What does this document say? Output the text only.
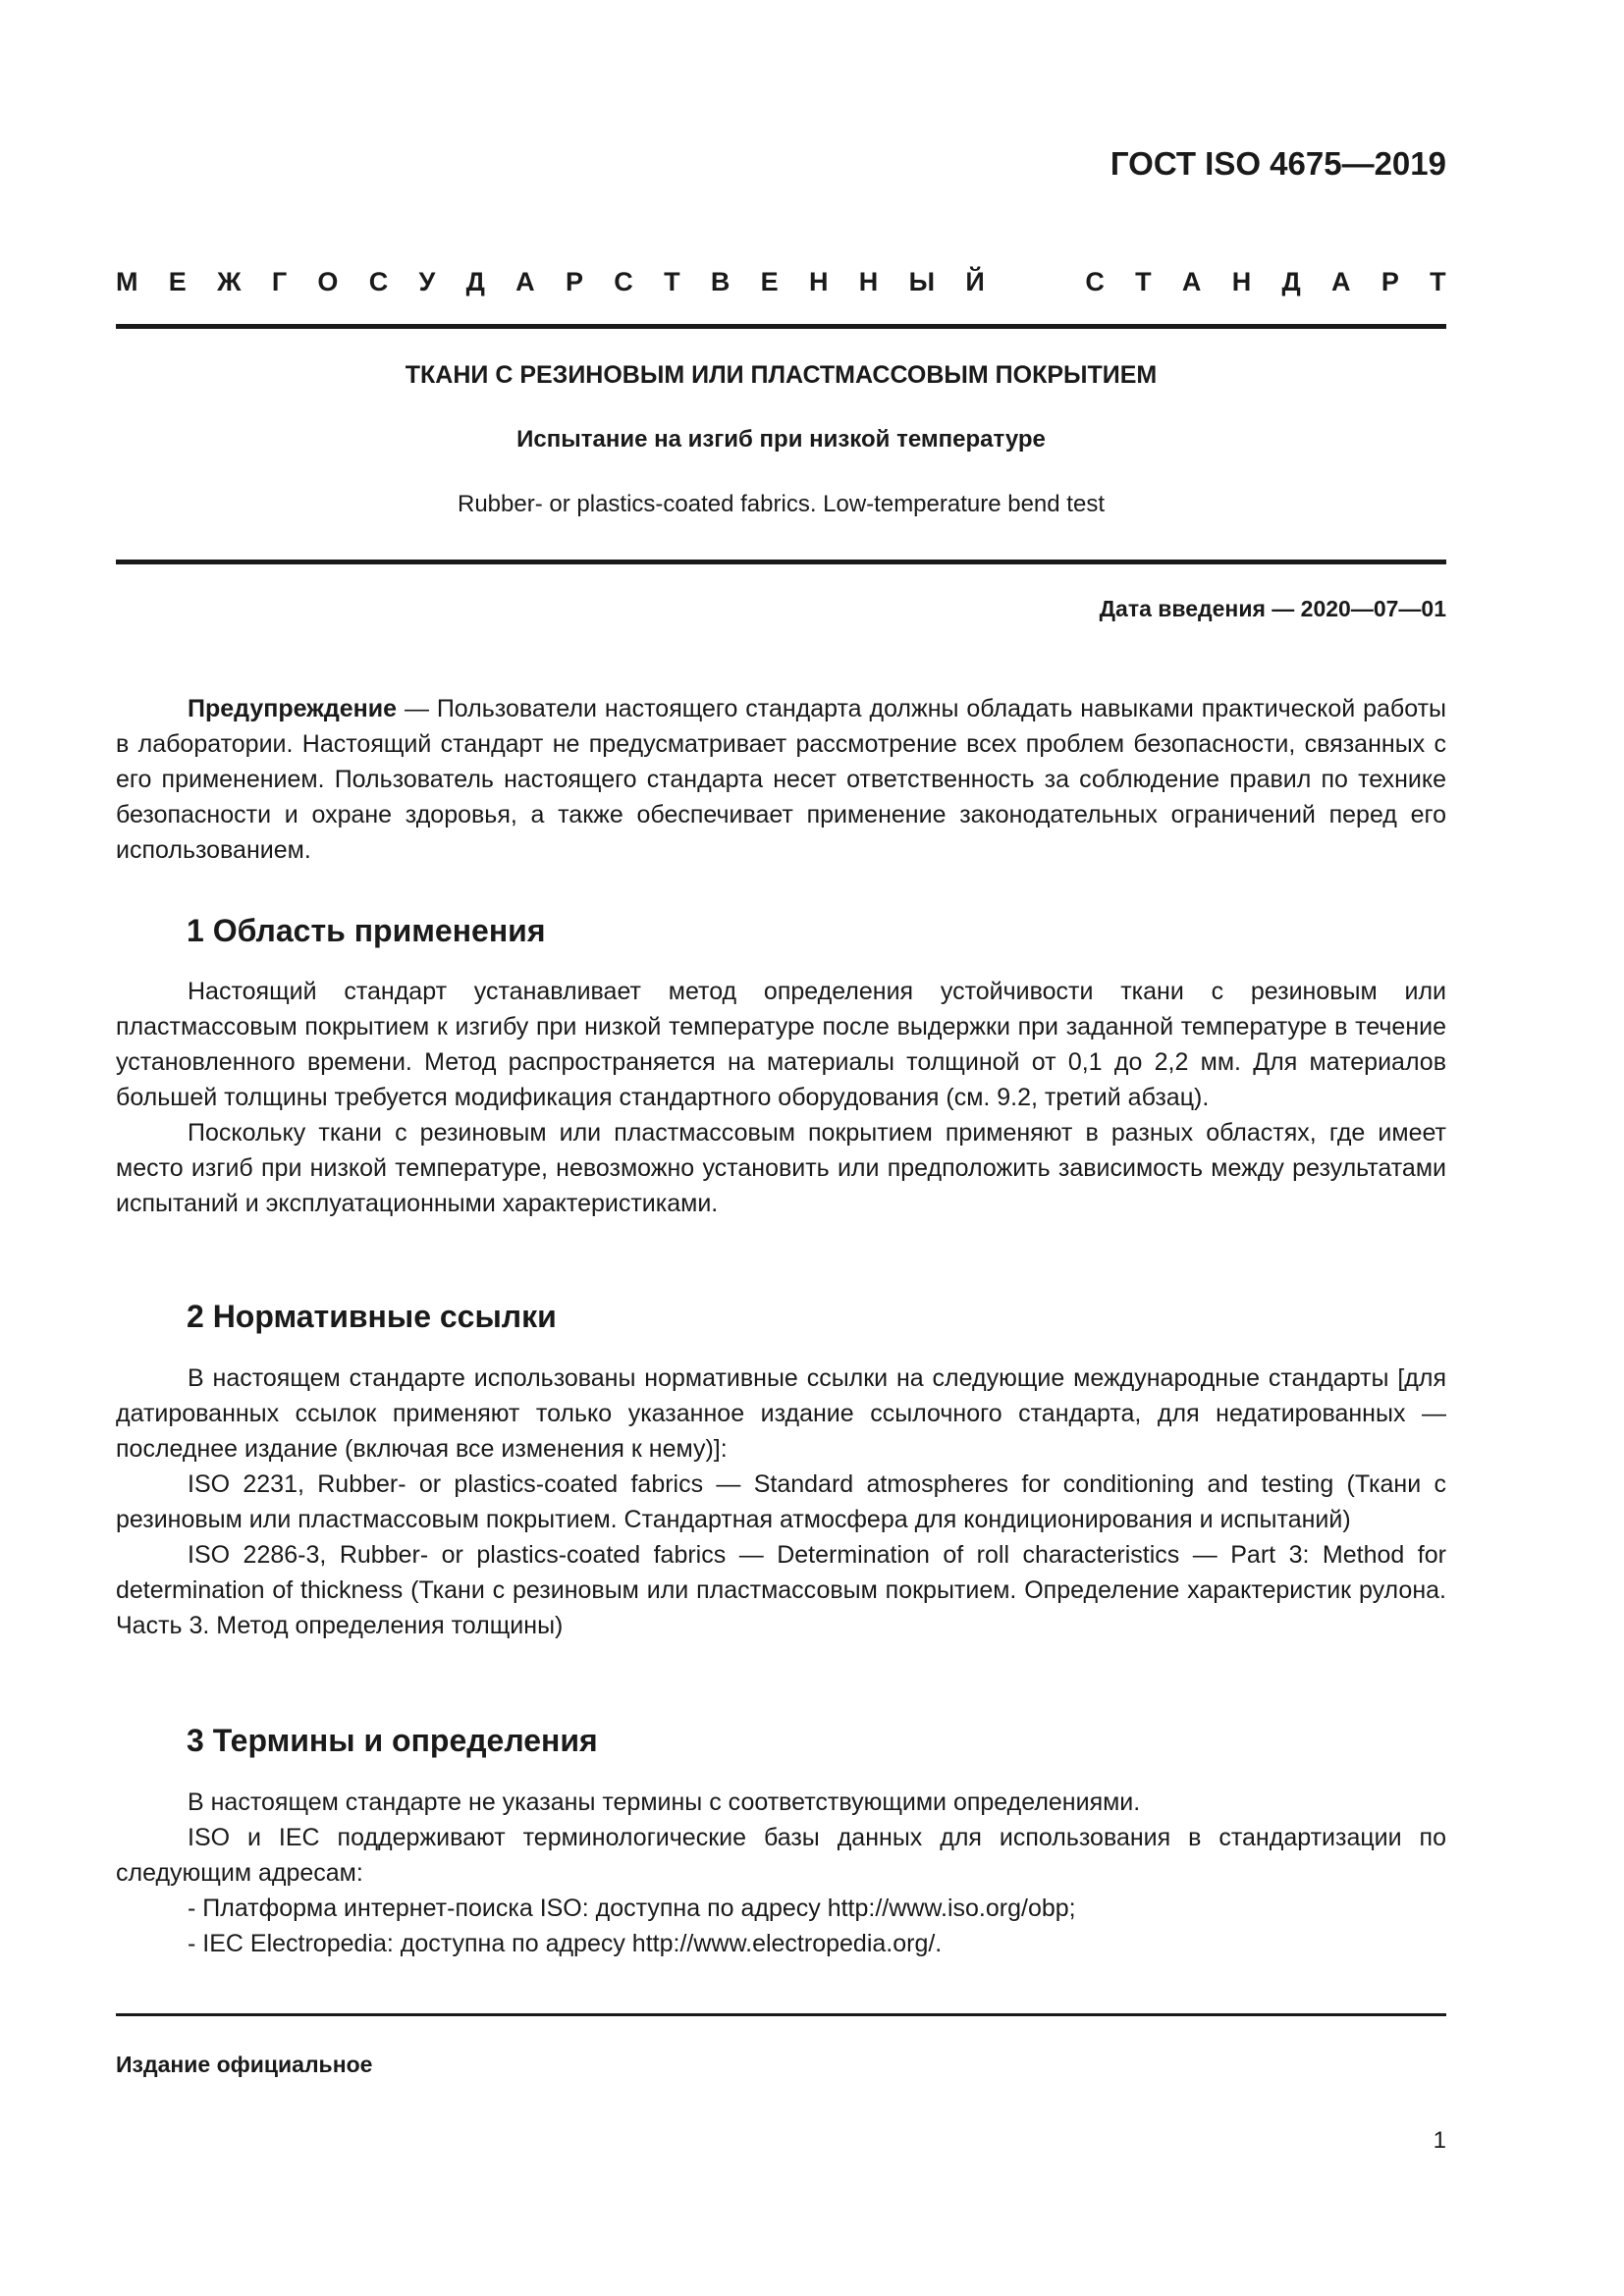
ГОСТ ISO 4675—2019
М Е Ж Г О С У Д А Р С Т В Е Н Н Ы Й	С Т А Н Д А Р Т
ТКАНИ С РЕЗИНОВЫМ ИЛИ ПЛАСТМАССОВЫМ ПОКРЫТИЕМ
Испытание на изгиб при низкой температуре
Rubber- or plastics-coated fabrics. Low-temperature bend test
Дата введения — 2020—07—01

Предупреждение — Пользователи настоящего стандарта должны обладать навыками практической работы в лаборатории. Настоящий стандарт не предусматривает рассмотрение всех проблем безопасности, связанных с его применением. Пользователь настоящего стандарта несет ответственность за соблюдение правил по технике безопасности и охране здоровья, а также обеспечивает применение законодательных ограничений перед его использованием.

1 Область применения

Настоящий стандарт устанавливает метод определения устойчивости ткани с резиновым или пластмассовым покрытием к изгибу при низкой температуре после выдержки при заданной температуре в течение установленного времени. Метод распространяется на материалы толщиной от 0,1 до 2,2 мм. Для материалов большей толщины требуется модификация стандартного оборудования (см. 9.2, третий абзац).

Поскольку ткани с резиновым или пластмассовым покрытием применяют в разных областях, где имеет место изгиб при низкой температуре, невозможно установить или предположить зависимость между результатами испытаний и эксплуатационными характеристиками.

2 Нормативные ссылки

В настоящем стандарте использованы нормативные ссылки на следующие международные стандарты [для датированных ссылок применяют только указанное издание ссылочного стандарта, для недатированных — последнее издание (включая все изменения к нему)]:

ISO 2231, Rubber- or plastics-coated fabrics — Standard atmospheres for conditioning and testing (Ткани с резиновым или пластмассовым покрытием. Стандартная атмосфера для кондиционирования и испытаний)

ISO 2286-3, Rubber- or plastics-coated fabrics — Determination of roll characteristics — Part 3: Method for determination of thickness (Ткани с резиновым или пластмассовым покрытием. Определение характеристик рулона. Часть 3. Метод определения толщины)

3 Термины и определения

В настоящем стандарте не указаны термины с соответствующими определениями.

ISO и IEC поддерживают терминологические базы данных для использования в стандартизации по следующим адресам:

- Платформа интернет-поиска ISO: доступна по адресу http://www.iso.org/obp;

- IEC Electropedia: доступна по адресу http://www.electropedia.org/.

Издание официальное
1
